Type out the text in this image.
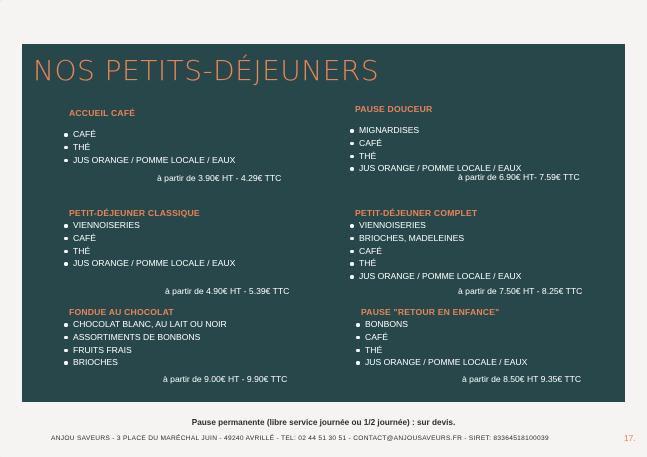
NOS PETITS-DÉJEUNERS
ACCUEIL CAFÉ
CAFÉ
THÉ
JUS ORANGE / POMME LOCALE / EAUX
à partir de 3.90€ HT - 4.29€ TTC
PETIT-DÉJEUNER CLASSIQUE
VIENNOISERIES
CAFÉ
THÉ
JUS ORANGE / POMME LOCALE / EAUX
à partir de 4.90€ HT - 5.39€ TTC
FONDUE AU CHOCOLAT
CHOCOLAT BLANC, AU LAIT OU NOIR
ASSORTIMENTS DE BONBONS
FRUITS FRAIS
BRIOCHES
à partir de 9.00€ HT - 9.90€ TTC
PAUSE DOUCEUR
MIGNARDISES
CAFÉ
THÉ
JUS ORANGE / POMME LOCALE / EAUX
à partir de 6.90€ HT- 7.59€ TTC
PETIT-DÉJEUNER COMPLET
VIENNOISERIES
BRIOCHES, MADELEINES
CAFÉ
THÉ
JUS ORANGE / POMME LOCALE / EAUX
à partir de 7.50€ HT - 8.25€ TTC
PAUSE "RETOUR EN ENFANCE"
BONBONS
CAFÉ
THÉ
JUS ORANGE / POMME LOCALE / EAUX
à partir de 8.50€ HT 9.35€ TTC
Pause permanente (libre service journée ou 1/2 journée) : sur devis.
ANJOU SAVEURS - 3 PLACE DU MARÉCHAL JUIN - 49240 AVRILLÉ - TEL: 02 44 51 30 51 - CONTACT@ANJOUSAVEURS.FR - SIRET: 83364518100039	17.
